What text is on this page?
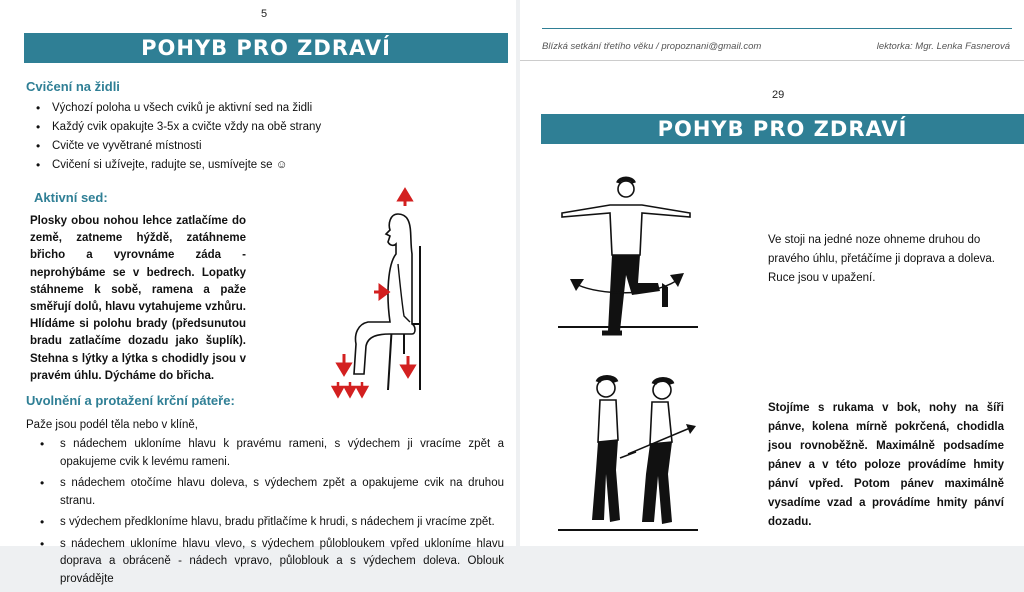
5
POHYB PRO ZDRAVÍ
Cvičení na židli
• Výchozí poloha u všech cviků je aktivní sed na židli
• Každý cvik opakujte 3-5x a cvičte vždy na obě strany
• Cvičte ve vyvětrané místnosti
• Cvičení si užívejte, radujte se, usmívejte se ☺
Aktivní sed:

Plosky obou nohou lehce zatlačíme do země, zatneme hýždě, zatáhneme břicho a vyrovnáme záda - neprohýbáme se v bedrech. Lopatky stáhneme k sobě, ramena a paže směřují dolů, hlavu vytahujeme vzhůru. Hlídáme si polohu brady (předsunutou bradu zatlačíme dozadu jako šuplík). Stehna s lýtky a lýtka s chodidly jsou v pravém úhlu. Dýcháme do břicha.

Uvolnění a protažení krční páteře:

Paže jsou podél těla nebo v klíně,

• s nádechem ukloníme hlavu k pravému rameni, s výdechem ji vracíme zpět a opakujeme cvik k levému rameni.
• s nádechem otočíme hlavu doleva, s výdechem zpět a opakujeme cvik na druhou stranu.
• s výdechem předkloníme hlavu, bradu přitlačíme k hrudi, s nádechem ji vracíme zpět.
• s nádechem ukloníme hlavu vlevo, s výdechem půlobloukem vpřed ukloníme hlavu doprava a obráceně - nádech vpravo, půloblouk a s výdechem doleva. Oblouk provádějte
Blízká setkání třetího věku / propoznani@gmail.com	lektorka: Mgr. Lenka Fasnerová
29
POHYB PRO ZDRAVÍ

Ve stoji na jedné noze ohneme druhou do pravého úhlu, přetáčíme ji doprava a doleva. Ruce jsou v upažení.

Stojíme s rukama v bok, nohy na šíři pánve, kolena mírně pokrčená, chodidla jsou rovnoběžně. Maximálně podsadíme pánev a v této poloze provádíme hmity pánví vpřed. Potom pánev maximálně vysadíme vzad a provádíme hmity pánví dozadu.
